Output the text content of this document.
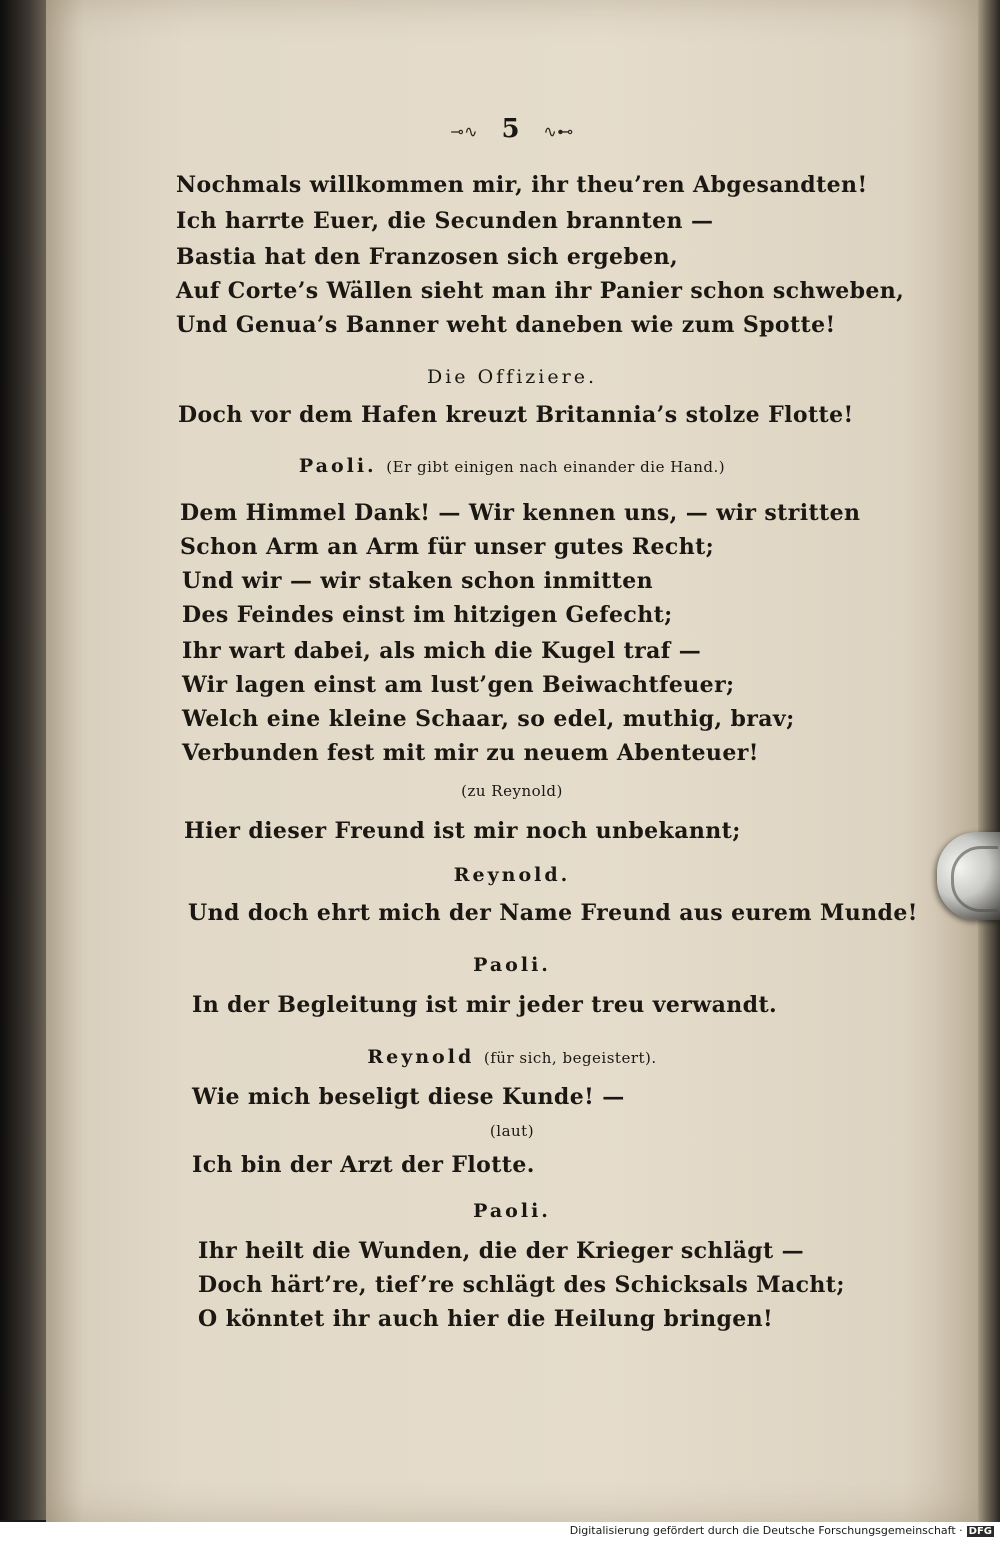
⊸∿ 5 ∿⊷
Nochmals willkommen mir, ihr theu’ren Abgesandten!
Ich harrte Euer, die Secunden brannten —
Bastia hat den Franzosen sich ergeben,
Auf Corte’s Wällen sieht man ihr Panier schon schweben,
Und Genua’s Banner weht daneben wie zum Spotte!
Die Offiziere.
Doch vor dem Hafen kreuzt Britannia’s stolze Flotte!
Paoli. (Er gibt einigen nach einander die Hand.)
Dem Himmel Dank! — Wir kennen uns, — wir stritten
Schon Arm an Arm für unser gutes Recht;
Und wir — wir staken schon inmitten
Des Feindes einst im hitzigen Gefecht;
Ihr wart dabei, als mich die Kugel traf —
Wir lagen einst am lust’gen Beiwachtfeuer;
Welch eine kleine Schaar, so edel, muthig, brav;
Verbunden fest mit mir zu neuem Abenteuer!
(zu Reynold)
Hier dieser Freund ist mir noch unbekannt;
Reynold.
Und doch ehrt mich der Name Freund aus eurem Munde!
Paoli.
In der Begleitung ist mir jeder treu verwandt.
Reynold (für sich, begeistert).
Wie mich beseligt diese Kunde! —
(laut)
Ich bin der Arzt der Flotte.
Paoli.
Ihr heilt die Wunden, die der Krieger schlägt —
Doch härt’re, tief’re schlägt des Schicksals Macht;
O könntet ihr auch hier die Heilung bringen!
Digitalisierung gefördert durch die Deutsche Forschungsgemeinschaft · DFG
